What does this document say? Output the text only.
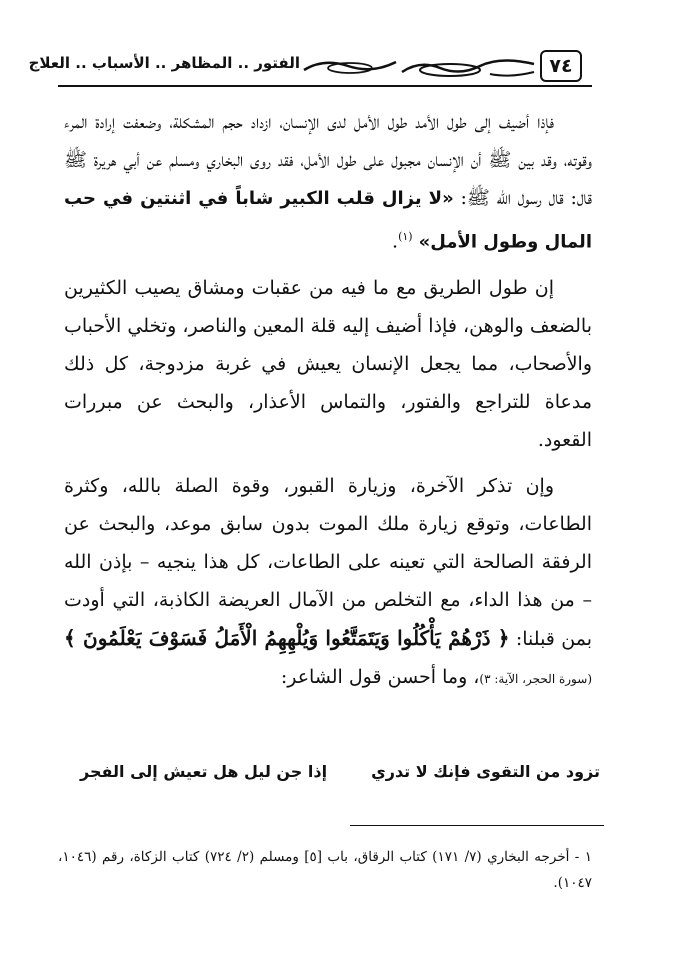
٧٤
الفتور .. المظاهر .. الأسباب .. العلاج

فإذا أضيف إلى طول الأمد طول الأمل لدى الإنسان، ازداد حجم المشكلة، وضعفت إرادة المرء وقوته، وقد بين ﷺ أن الإنسان مجبول على طول الأمل، فقد روى البخاري ومسلم عن أبي هريرة ﷺ قال: قال رسول الله ﷺ: «لا يزال قلب الكبير شاباً في اثنتين في حب المال وطول الأمل» $^{(١)}$.

إن طول الطريق مع ما فيه من عقبات ومشاق يصيب الكثيرين بالضعف والوهن، فإذا أضيف إليه قلة المعين والناصر، وتخلي الأحباب والأصحاب، مما يجعل الإنسان يعيش في غربة مزدوجة، كل ذلك مدعاة للتراجع والفتور، والتماس الأعذار، والبحث عن مبررات القعود.

وإن تذكر الآخرة، وزيارة القبور، وقوة الصلة بالله، وكثرة الطاعات، وتوقع زيارة ملك الموت بدون سابق موعد، والبحث عن الرفقة الصالحة التي تعينه على الطاعات، كل هذا ينجيه – بإذن الله – من هذا الداء، مع التخلص من الآمال العريضة الكاذبة، التي أودت بمن قبلنا: ﴿ ذَرْهُمْ يَأْكُلُوا وَيَتَمَتَّعُوا وَيُلْهِهِمُ الْأَمَلُ فَسَوْفَ يَعْلَمُونَ ﴾ (سورة الحجر، الآية: ٣)، وما أحسن قول الشاعر:

تزود من التقوى فإنك لا تدري
إذا جن ليل هل تعيش إلى الفجر
١ - أخرجه البخاري (٧/ ١٧١) كتاب الرقاق، باب [٥] ومسلم (٢/ ٧٢٤) كتاب الزكاة، رقم (١٠٤٦، ١٠٤٧).
